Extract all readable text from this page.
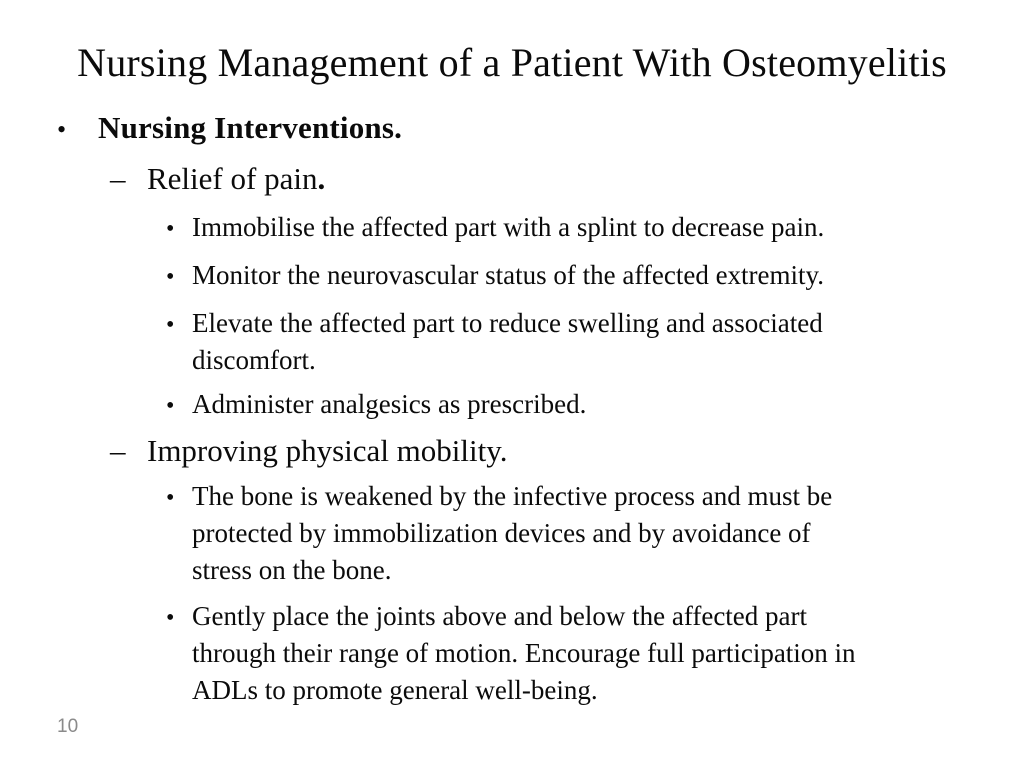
Nursing Management of a Patient With Osteomyelitis
•	Nursing Interventions.
– Relief of pain.
• Immobilise the affected part with a splint to decrease pain.
• Monitor the neurovascular status of the affected extremity.
• Elevate the affected part to reduce swelling and associated
discomfort.
• Administer analgesics as prescribed.
– Improving physical mobility.
• The bone is weakened by the infective process and must be
protected by immobilization devices and by avoidance of
stress on the bone.
• Gently place the joints above and below the affected part
through their range of motion. Encourage full participation in
ADLs to promote general well-being.
10
